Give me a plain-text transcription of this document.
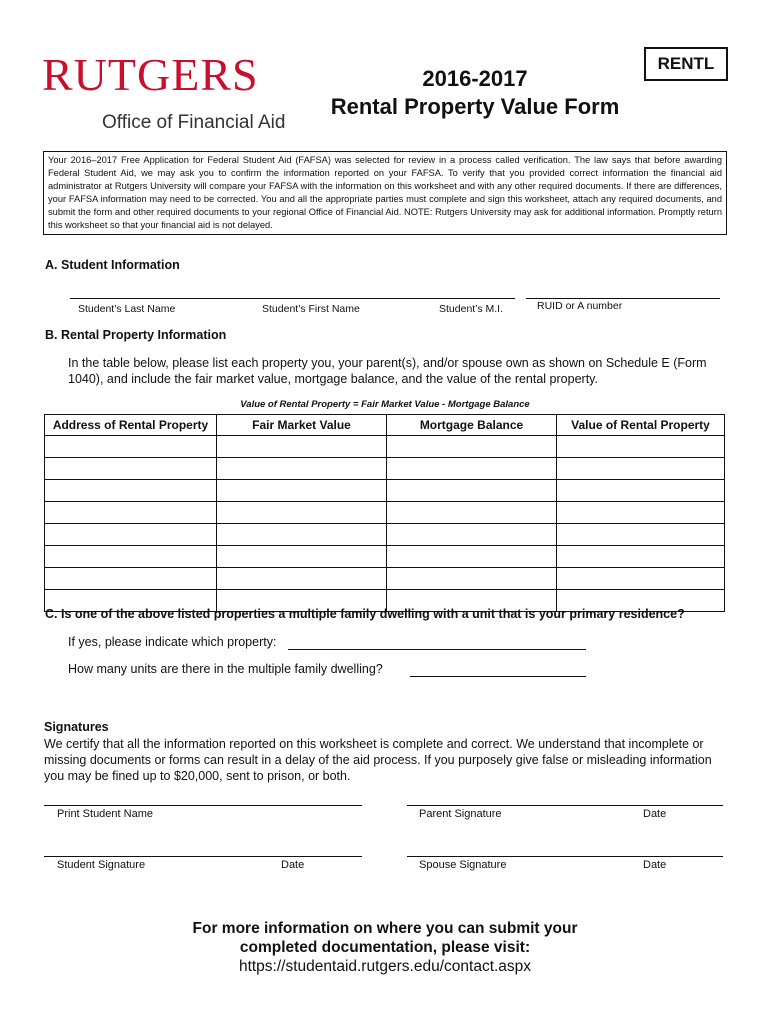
RUTGERS
Office of Financial Aid
RENTL
2016-2017
Rental Property Value Form
Your 2016–2017 Free Application for Federal Student Aid (FAFSA) was selected for review in a process called verification. The law says that before awarding Federal Student Aid, we may ask you to confirm the information reported on your FAFSA. To verify that you provided correct information the financial aid administrator at Rutgers University will compare your FAFSA with the information on this worksheet and with any other required documents. If there are differences, your FAFSA information may need to be corrected. You and all the appropriate parties must complete and sign this worksheet, attach any required documents, and submit the form and other required documents to your regional Office of Financial Aid. NOTE: Rutgers University may ask for additional information. Promptly return this worksheet so that your financial aid is not delayed.
A. Student Information
Student’s Last Name	Student’s First Name	Student’s M.I.	RUID or A number
B. Rental Property Information
In the table below, please list each property you, your parent(s), and/or spouse own as shown on Schedule E (Form 1040), and include the fair market value, mortgage balance, and the value of the rental property.
Value of Rental Property = Fair Market Value - Mortgage Balance
Address of Rental Property	Fair Market Value	Mortgage Balance	Value of Rental Property

C. Is one of the above listed properties a multiple family dwelling with a unit that is your primary residence?
If yes, please indicate which property:
How many units are there in the multiple family dwelling?
Signatures
We certify that all the information reported on this worksheet is complete and correct. We understand that incomplete or missing documents or forms can result in a delay of the aid process. If you purposely give false or misleading information you may be fined up to $20,000, sent to prison, or both.
Print Student Name	Parent Signature	Date
Student Signature	Date	Spouse Signature	Date
For more information on where you can submit your
completed documentation, please visit:
https://studentaid.rutgers.edu/contact.aspx
